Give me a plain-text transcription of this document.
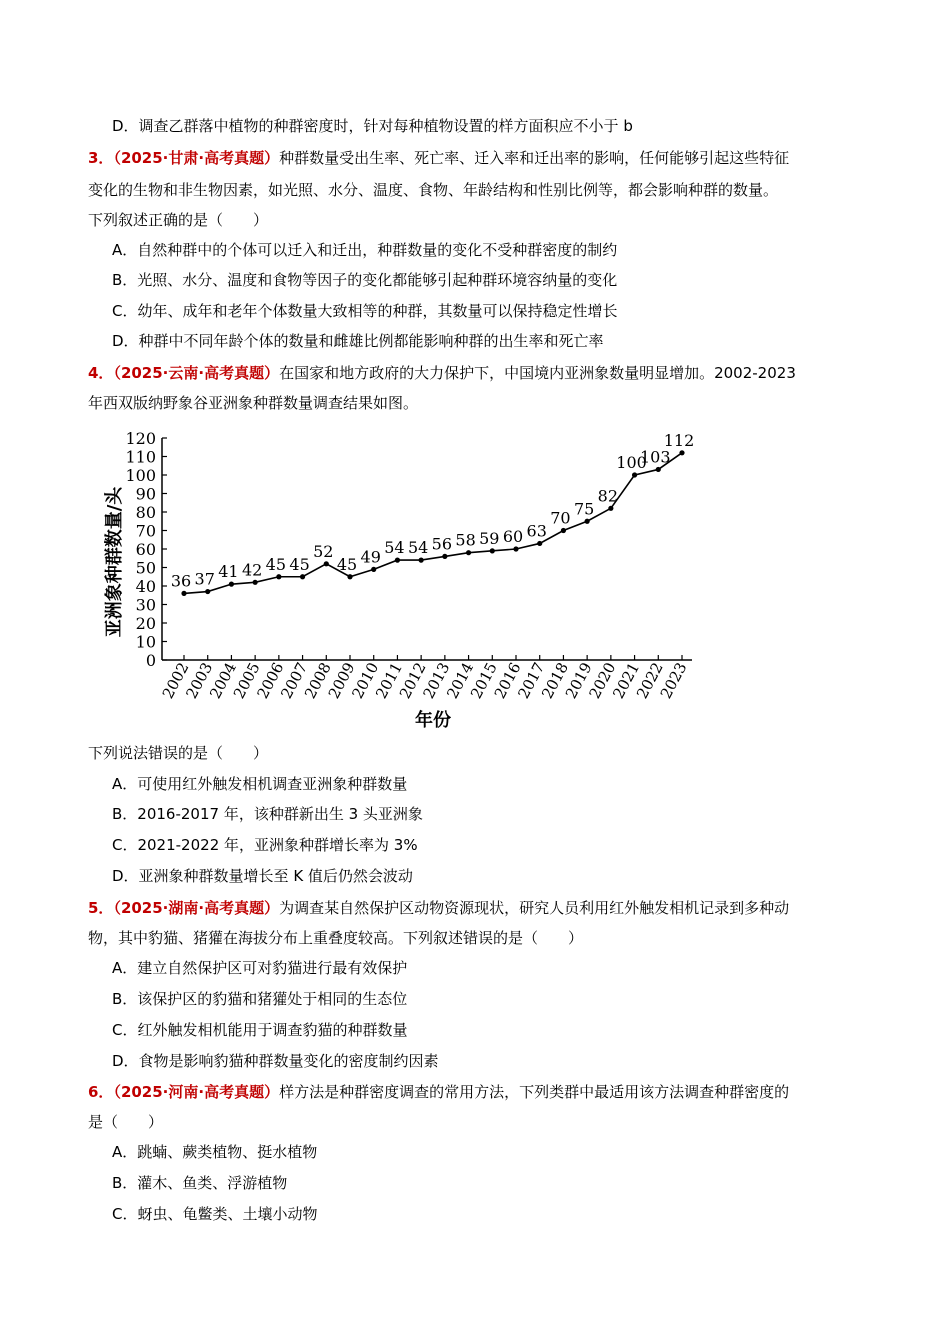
D．调查乙群落中植物的种群密度时，针对每种植物设置的样方面积应不小于 b
3．（2025·甘肃·高考真题）种群数量受出生率、死亡率、迁入率和迁出率的影响，任何能够引起这些特征
变化的生物和非生物因素，如光照、水分、温度、食物、年龄结构和性别比例等，都会影响种群的数量。
下列叙述正确的是（　　）
A．自然种群中的个体可以迁入和迁出，种群数量的变化不受种群密度的制约
B．光照、水分、温度和食物等因子的变化都能够引起种群环境容纳量的变化
C．幼年、成年和老年个体数量大致相等的种群，其数量可以保持稳定性增长
D．种群中不同年龄个体的数量和雌雄比例都能影响种群的出生率和死亡率
4．（2025·云南·高考真题）在国家和地方政府的大力保护下，中国境内亚洲象数量明显增加。2002-2023
年西双版纳野象谷亚洲象种群数量调查结果如图。
0
10
20
30
40
50
60
70
80
90
100
110
120
2002
2003
2004
2005
2006
2007
2008
2009
2010
2011
2012
2013
2014
2015
2016
2017
2018
2019
2020
2021
2022
2023
36 37 41 42 45 45
52
45 49 54 54 56 58 59 60 63
70 75
82
100
103
112
亚洲象种群数量/头
年份
下列说法错误的是（　　）
A．可使用红外触发相机调查亚洲象种群数量
B．2016-2017 年，该种群新出生 3 头亚洲象
C．2021-2022 年，亚洲象种群增长率为 3%
D．亚洲象种群数量增长至 K 值后仍然会波动
5．（2025·湖南·高考真题）为调查某自然保护区动物资源现状，研究人员利用红外触发相机记录到多种动
物，其中豹猫、猪獾在海拔分布上重叠度较高。下列叙述错误的是（　　）
A．建立自然保护区可对豹猫进行最有效保护
B．该保护区的豹猫和猪獾处于相同的生态位
C．红外触发相机能用于调查豹猫的种群数量
D．食物是影响豹猫种群数量变化的密度制约因素
6．（2025·河南·高考真题）样方法是种群密度调查的常用方法，下列类群中最适用该方法调查种群密度的
是（　　）
A．跳蝻、蕨类植物、挺水植物
B．灌木、鱼类、浮游植物
C．蚜虫、龟鳖类、土壤小动物
